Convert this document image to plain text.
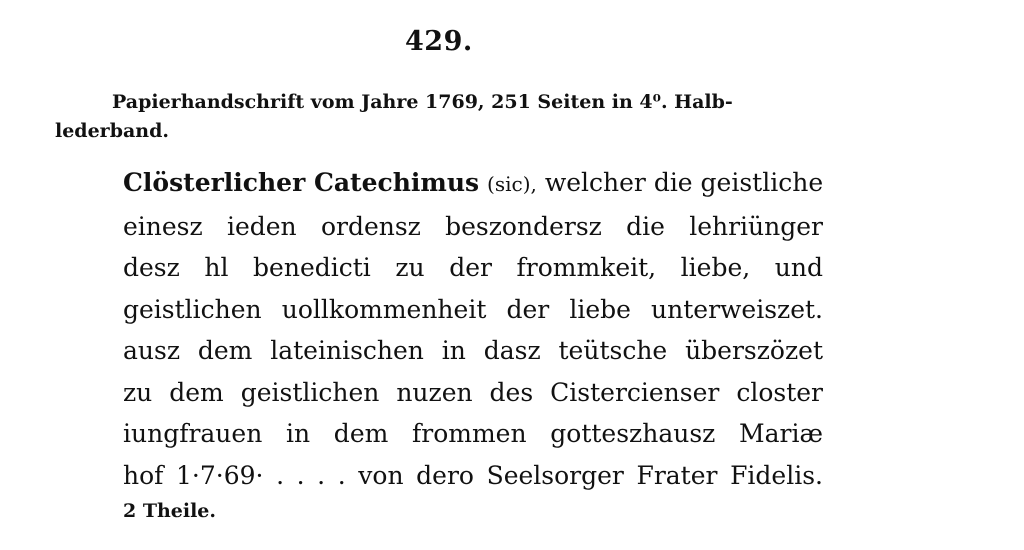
429.
Papierhandschrift vom Jahre 1769, 251 Seiten in 4⁰. Halb-
lederband.
Clösterlicher Catechimus (sic), welcher die geistliche
einesz ieden ordensz beszondersz die lehriünger
desz hl benedicti zu der frommkeit, liebe, und
geistlichen uollkommenheit der liebe unterweiszet.
ausz dem lateinischen in dasz teütsche überszözet
zu dem geistlichen nuzen des Cistercienser closter
iungfrauen in dem frommen gotteszhausz Mariæ
hof 1·7·69· . . . . von dero Seelsorger Frater Fidelis.
2 Theile.
